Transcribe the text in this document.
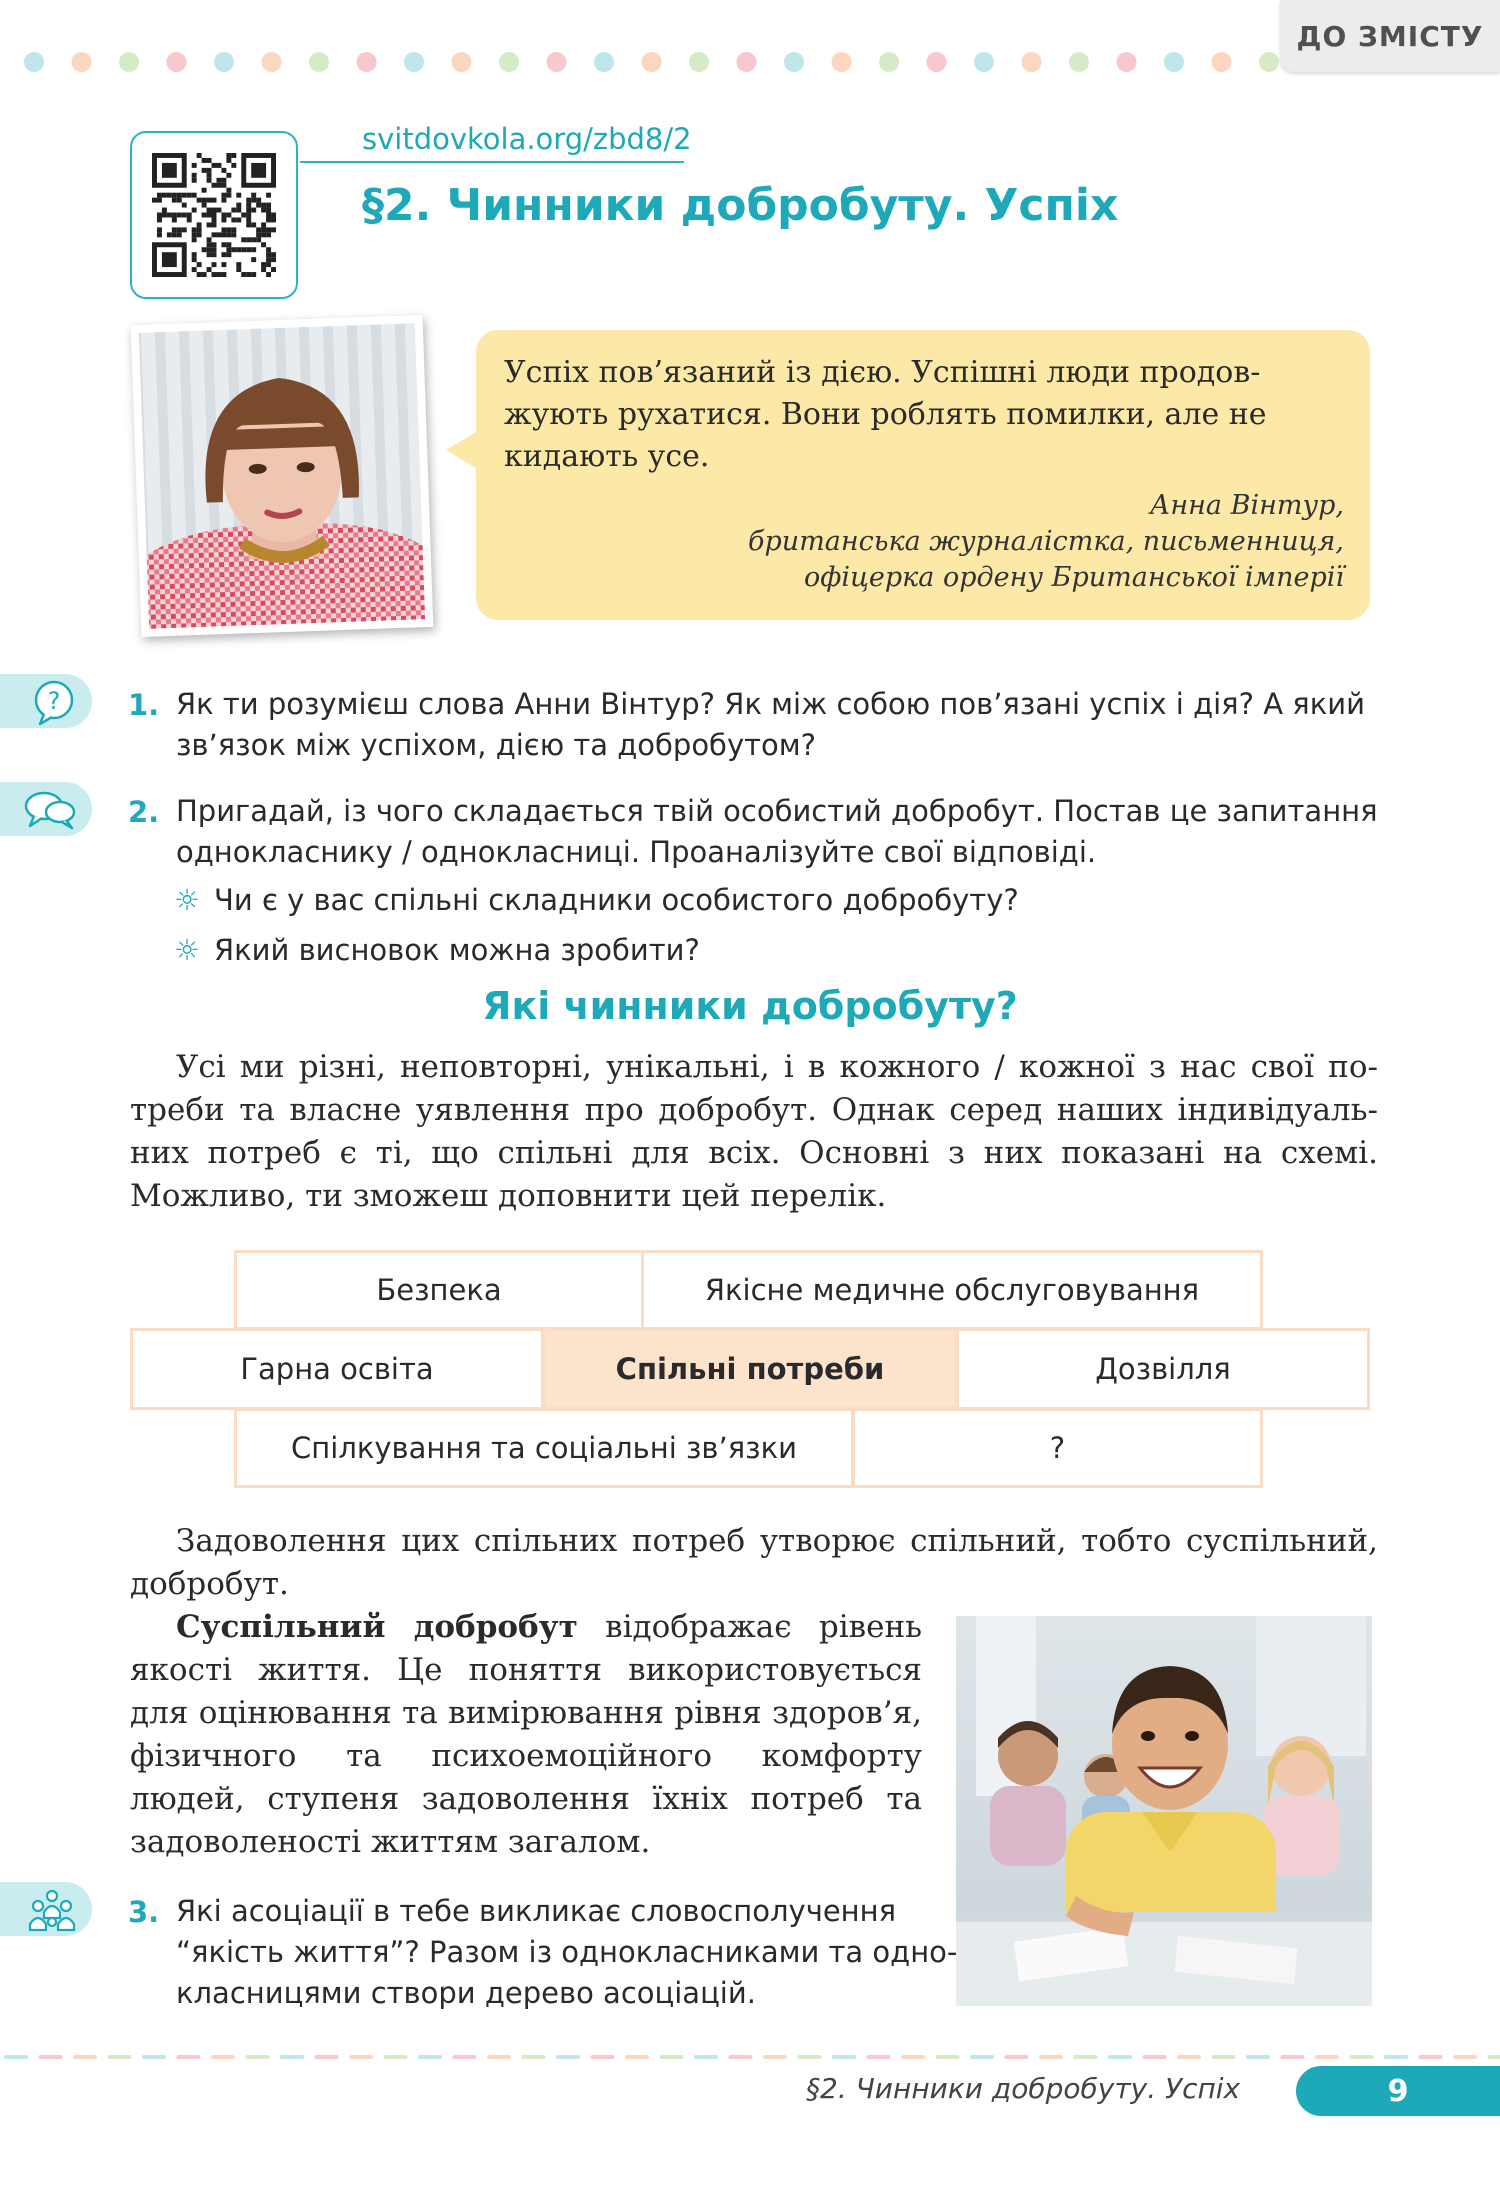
ДО ЗМІСТУ
svitdovkola.org/zbd8/2
§2. Чинники добробуту. Успіх
Успіх пов’язаний із дією. Успішні люди продовжують рухатися. Вони роблять помилки, але не кидають усе.
Анна Вінтур,
британська журналістка, письменниця,
офіцерка ордену Британської імперії
? 1. Як ти розумієш слова Анни Вінтур? Як між собою пов’язані успіх і дія? А який
зв’язок між успіхом, дією та добробутом?
2. Пригадай, із чого складається твій особистий добробут. Постав це запитання
однокласнику / однокласниці. Проаналізуйте свої відповіді.
☼ Чи є у вас спільні складники особистого добробуту?
☼ Який висновок можна зробити?
Які чинники добробуту?
Усі ми різні, неповторні, унікальні, і в кожного / кожної з нас свої потреби та власне уявлення про добробут. Однак серед наших індивідуальних потреб є ті, що спільні для всіх. Основні з них показані на схемі. Можливо, ти зможеш доповнити цей перелік.
Безпека	Якісне медичне обслуговування
Гарна освіта	Спільні потреби	Дозвілля
Спілкування та соціальні зв’язки	?
Задоволення цих спільних потреб утворює спільний, тобто суспільний, добробут.
Суспільний добробут відображає рівень якості життя. Це поняття використовується для оцінювання та вимірювання рівня здоров’я, фізичного та психоемоційного комфорту людей, ступеня задоволення їхніх потреб та задоволеності життям загалом.
3. Які асоціації в тебе викликає словосполучення
“якість життя”? Разом із однокласниками та одно-
класницями створи дерево асоціацій.
§2. Чинники добробуту. Успіх	9
